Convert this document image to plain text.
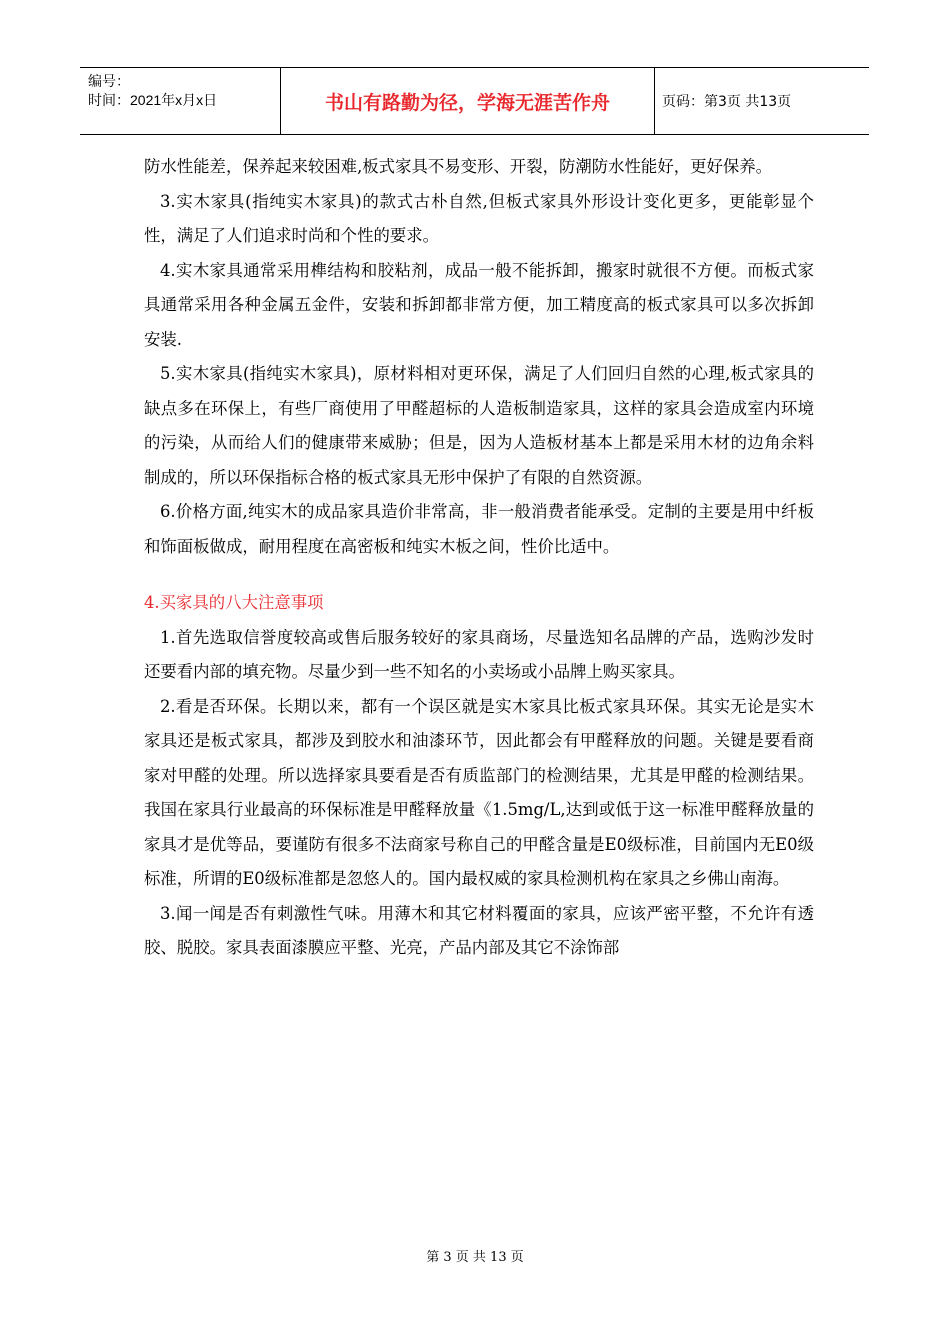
编号：
时间：2021年x月x日	书山有路勤为径，学海无涯苦作舟	页码：第3页 共13页

防水性能差，保养起来较困难,板式家具不易变形、开裂，防潮防水性能好，更好保养。

3.实木家具(指纯实木家具)的款式古朴自然,但板式家具外形设计变化更多，更能彰显个性，满足了人们追求时尚和个性的要求。

4.实木家具通常采用榫结构和胶粘剂，成品一般不能拆卸，搬家时就很不方便。而板式家具通常采用各种金属五金件，安装和拆卸都非常方便，加工精度高的板式家具可以多次拆卸安装.

5.实木家具(指纯实木家具)，原材料相对更环保，满足了人们回归自然的心理,板式家具的缺点多在环保上，有些厂商使用了甲醛超标的人造板制造家具，这样的家具会造成室内环境的污染，从而给人们的健康带来威胁；但是，因为人造板材基本上都是采用木材的边角余料制成的，所以环保指标合格的板式家具无形中保护了有限的自然资源。

6.价格方面,纯实木的成品家具造价非常高，非一般消费者能承受。定制的主要是用中纤板和饰面板做成，耐用程度在高密板和纯实木板之间，性价比适中。

4.买家具的八大注意事项

1.首先选取信誉度较高或售后服务较好的家具商场，尽量选知名品牌的产品，选购沙发时还要看内部的填充物。尽量少到一些不知名的小卖场或小品牌上购买家具。

2.看是否环保。长期以来，都有一个误区就是实木家具比板式家具环保。其实无论是实木家具还是板式家具，都涉及到胶水和油漆环节，因此都会有甲醛释放的问题。关键是要看商家对甲醛的处理。所以选择家具要看是否有质监部门的检测结果，尤其是甲醛的检测结果。我国在家具行业最高的环保标准是甲醛释放量《1.5mg/L,达到或低于这一标准甲醛释放量的家具才是优等品，要谨防有很多不法商家号称自己的甲醛含量是E0级标准，目前国内无E0级标准，所谓的E0级标准都是忽悠人的。国内最权威的家具检测机构在家具之乡佛山南海。

3.闻一闻是否有刺激性气味。用薄木和其它材料覆面的家具，应该严密平整，不允许有透胶、脱胶。家具表面漆膜应平整、光亮，产品内部及其它不涂饰部

第 3 页 共 13 页
